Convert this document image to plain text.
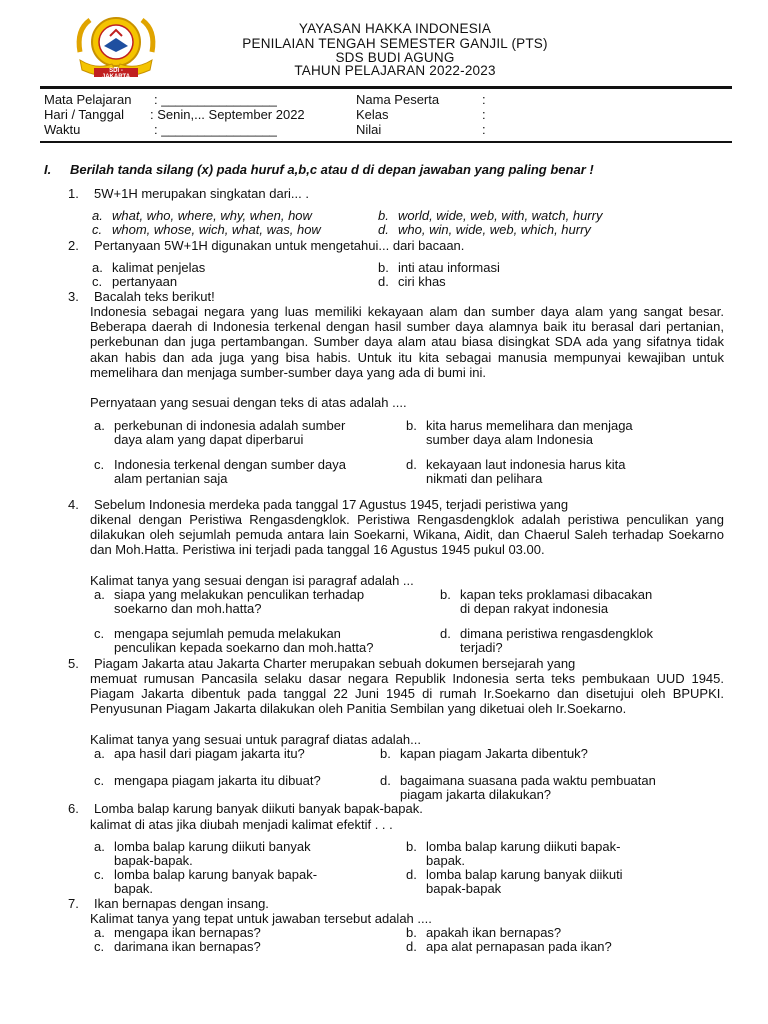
SDI - JAKARTA
YAYASAN HAKKA INDONESIA
PENILAIAN TENGAH SEMESTER GANJIL (PTS)
SDS BUDI AGUNG
TAHUN PELAJARAN 2022-2023
Mata Pelajaran : ________________
Hari / Tanggal : Senin,... September 2022
Waktu	: ________________
Nama Peserta	:
Kelas	:
Nilai	:
I. Berilah tanda silang (x) pada huruf a,b,c atau d di depan jawaban yang paling benar !
1. 5W+1H merupakan singkatan dari... .
a. what, who, where, why, when, how	b. world, wide, web, with, watch, hurry
c. whom, whose, wich, what, was, how	d. who, win, wide, web, which, hurry
2. Pertanyaan 5W+1H digunakan untuk mengetahui... dari bacaan.
a. kalimat penjelas	b. inti atau informasi
c. pertanyaan	d. ciri khas
3. Bacalah teks berikut!
Indonesia sebagai negara yang luas memiliki kekayaan alam dan sumber daya alam yang sangat besar. Beberapa daerah di Indonesia terkenal dengan hasil sumber daya alamnya baik itu berasal dari pertanian, perkebunan dan juga pertambangan. Sumber daya alam atau biasa disingkat SDA ada yang sifatnya tidak akan habis dan ada juga yang bisa habis. Untuk itu kita sebagai manusia mempunyai kewajiban untuk memelihara dan menjaga sumber-sumber daya yang ada di bumi ini.
Pernyataan yang sesuai dengan teks di atas adalah ....
a. perkebunan di indonesia adalah sumber
daya alam yang dapat diperbarui
b. kita harus memelihara dan menjaga
sumber daya alam Indonesia
c. Indonesia terkenal dengan sumber daya
alam pertanian saja
d. kekayaan laut indonesia harus kita
nikmati dan pelihara
4. Sebelum Indonesia merdeka pada tanggal 17 Agustus 1945, terjadi peristiwa yang
dikenal dengan Peristiwa Rengasdengklok. Peristiwa Rengasdengklok adalah peristiwa penculikan yang dilakukan oleh sejumlah pemuda antara lain Soekarni, Wikana, Aidit, dan Chaerul Saleh terhadap Soekarno dan Moh.Hatta. Peristiwa ini terjadi pada tanggal 16 Agustus 1945 pukul 03.00.
Kalimat tanya yang sesuai dengan isi paragraf adalah ...
a. siapa yang melakukan penculikan terhadap
soekarno dan moh.hatta?
b. kapan teks proklamasi dibacakan
di depan rakyat indonesia
c. mengapa sejumlah pemuda melakukan
penculikan kepada soekarno dan moh.hatta?
d. dimana peristiwa rengasdengklok
terjadi?
5. Piagam Jakarta atau Jakarta Charter merupakan sebuah dokumen bersejarah yang
memuat rumusan Pancasila selaku dasar negara Republik Indonesia serta teks pembukaan UUD 1945. Piagam Jakarta dibentuk pada tanggal 22 Juni 1945 di rumah Ir.Soekarno dan disetujui oleh BPUPKI. Penyusunan Piagam Jakarta dilakukan oleh Panitia Sembilan yang diketuai oleh Ir.Soekarno.
Kalimat tanya yang sesuai untuk paragraf diatas adalah...
a. apa hasil dari piagam jakarta itu?	b. kapan piagam Jakarta dibentuk?
c. mengapa piagam jakarta itu dibuat?	d. bagaimana suasana pada waktu pembuatan
piagam jakarta dilakukan?
6. Lomba balap karung banyak diikuti banyak bapak-bapak.
kalimat di atas jika diubah menjadi kalimat efektif . . .
a. lomba balap karung diikuti banyak
bapak-bapak.
b. lomba balap karung diikuti bapak-
bapak.
c. lomba balap karung banyak bapak-
bapak.
d. lomba balap karung banyak diikuti
bapak-bapak
7. Ikan bernapas dengan insang.
Kalimat tanya yang tepat untuk jawaban tersebut adalah ....
a. mengapa ikan bernapas?	b. apakah ikan bernapas?
c. darimana ikan bernapas?	d. apa alat pernapasan pada ikan?
